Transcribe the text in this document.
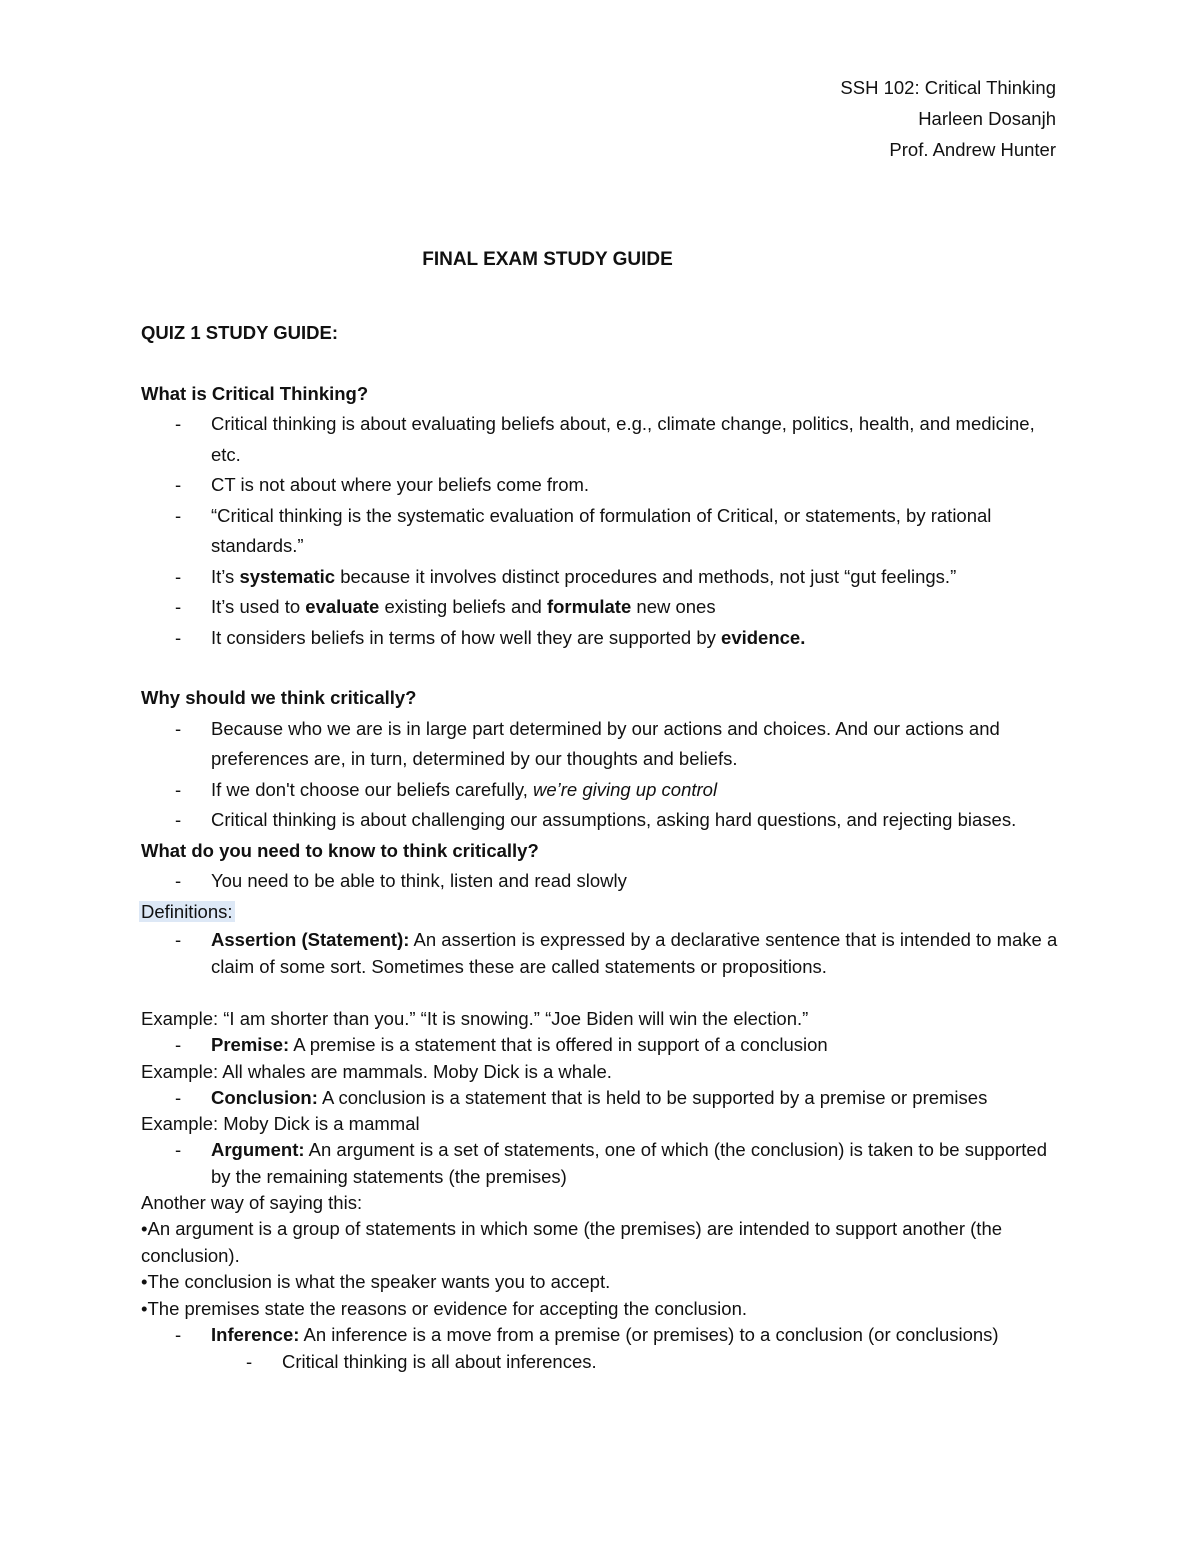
SSH 102: Critical Thinking
Harleen Dosanjh
Prof. Andrew Hunter
FINAL EXAM STUDY GUIDE
QUIZ 1 STUDY GUIDE:
What is Critical Thinking?
- Critical thinking is about evaluating beliefs about, e.g., climate change, politics, health, and medicine, etc.
- CT is not about where your beliefs come from.
- “Critical thinking is the systematic evaluation of formulation of Critical, or statements, by rational standards.”
- It’s systematic because it involves distinct procedures and methods, not just “gut feelings.”
- It’s used to evaluate existing beliefs and formulate new ones
- It considers beliefs in terms of how well they are supported by evidence.
Why should we think critically?
- Because who we are is in large part determined by our actions and choices. And our actions and preferences are, in turn, determined by our thoughts and beliefs.
- If we don't choose our beliefs carefully, we’re giving up control
- Critical thinking is about challenging our assumptions, asking hard questions, and rejecting biases.
What do you need to know to think critically?
- You need to be able to think, listen and read slowly
Definitions:
- Assertion (Statement): An assertion is expressed by a declarative sentence that is intended to make a claim of some sort. Sometimes these are called statements or propositions.
Example: “I am shorter than you.” “It is snowing.” “Joe Biden will win the election.”
- Premise: A premise is a statement that is offered in support of a conclusion
Example: All whales are mammals. Moby Dick is a whale.
- Conclusion: A conclusion is a statement that is held to be supported by a premise or premises
Example: Moby Dick is a mammal
- Argument: An argument is a set of statements, one of which (the conclusion) is taken to be supported by the remaining statements (the premises)
Another way of saying this:
•An argument is a group of statements in which some (the premises) are intended to support another (the conclusion).
•The conclusion is what the speaker wants you to accept.
•The premises state the reasons or evidence for accepting the conclusion.
- Inference: An inference is a move from a premise (or premises) to a conclusion (or conclusions)
- Critical thinking is all about inferences.
